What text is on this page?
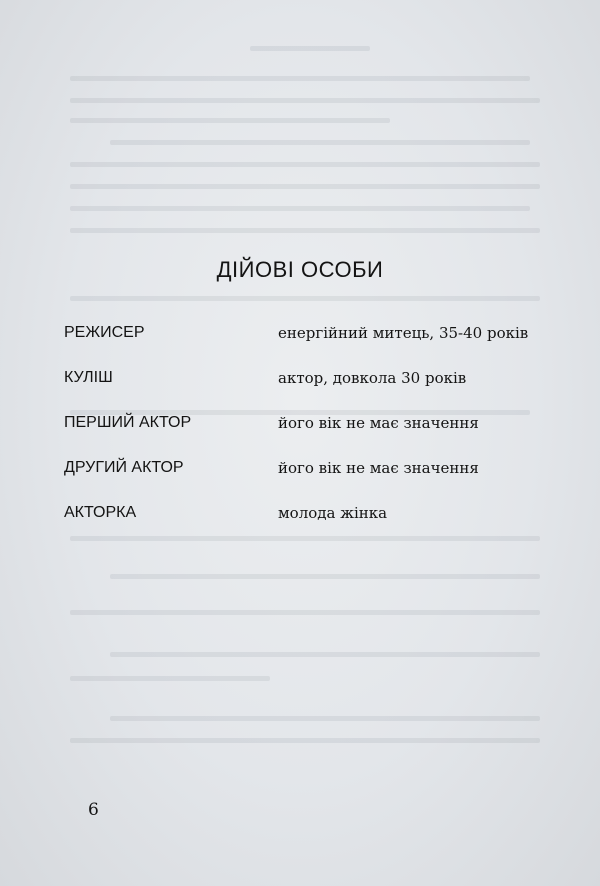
ДІЙОВІ ОСОБИ
РЕЖИСЕР	енергійний митець, 35-40 років
КУЛІШ	актор, довкола 30 років
ПЕРШИЙ АКТОР	його вік не має значення
ДРУГИЙ АКТОР	його вік не має значення
АКТОРКА	молода жінка
6
